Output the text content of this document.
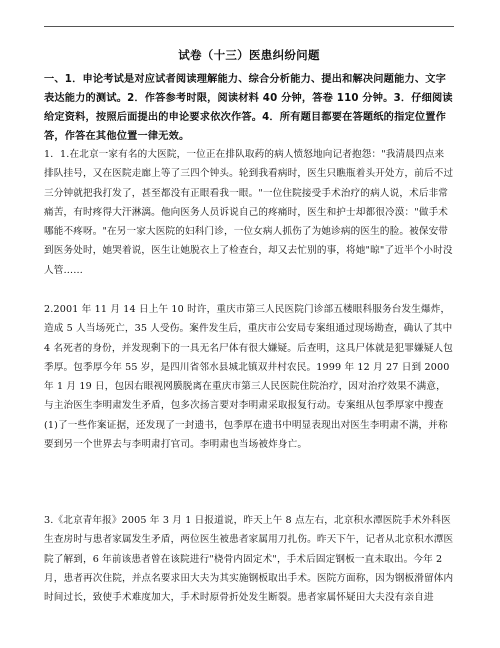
试卷（十三）医患纠纷问题

一、1．申论考试是对应试者阅读理解能力、综合分析能力、提出和解决问题能力、文字表达能力的测试。2．作答参考时限，阅读材料 40 分钟，答卷 110 分钟。3．仔细阅读给定资料，按照后面提出的申论要求依次作答。4．所有题目都要在答题纸的指定位置作答，作答在其他位置一律无效。

1．1.在北京一家有名的大医院，一位正在排队取药的病人愤怒地向记者抱怨："我清晨四点来排队挂号，又在医院走廊上等了三四个钟头。轮到我看病时，医生只瞧瓶着头开处方，前后不过三分钟就把我打发了，甚至都没有正眼看我一眼。"一位住院接受手术治疗的病人说，术后非常痛苦，有时疼得大汗淋漓。他向医务人员诉说自己的疼痛时，医生和护士却都很冷漠："做手术哪能不疼呀。"在另一家大医院的妇科门诊，一位女病人抓伤了为她诊病的医生的脸。被保安带到医务处时，她哭着说，医生让她脱衣上了检查台，却又去忙别的事，将她"晾"了近半个小时没人管……

2.2001 年 11 月 14 日上午 10 时许，重庆市第三人民医院门诊部五楼眼科服务台发生爆炸，造成 5 人当场死亡，35 人受伤。案件发生后，重庆市公安局专案组通过现场勘查，确认了其中 4 名死者的身份，并发现剩下的一具无名尸体有很大嫌疑。后查明，这具尸体就是犯罪嫌疑人包季厚。包季厚今年 55 岁，是四川省邻水县城北镇双井村农民。1999 年 12 月 27 日到 2000 年 1 月 19 日，包因右眼视网膜脱离在重庆市第三人民医院住院治疗，因对治疗效果不满意，与主治医生李明肃发生矛盾，包多次扬言要对李明肃采取报复行动。专案组从包季厚家中搜查(1)了一些作案证据，还发现了一封遗书，包季厚在遗书中明显表现出对医生李明肃不满，并称要到另一个世界去与李明肃打官司。李明肃也当场被炸身亡。

3.《北京青年报》2005 年 3 月 1 日报道说，昨天上午 8 点左右，北京积水潭医院手术外科医生查房时与患者家属发生矛盾，两位医生被患者家属用刀扎伤。昨天下午，记者从北京积水潭医院了解到，6 年前该患者曾在该院进行"桡骨内固定术"，手术后固定钢板一直未取出。今年 2 月，患者再次住院，并点名要求田大夫为其实施钢板取出手术。医院方面称，因为钢板滑留体内时间过长，致使手术难度加大，手术时原骨折处发生断裂。患者家属怀疑田大夫没有亲自进
